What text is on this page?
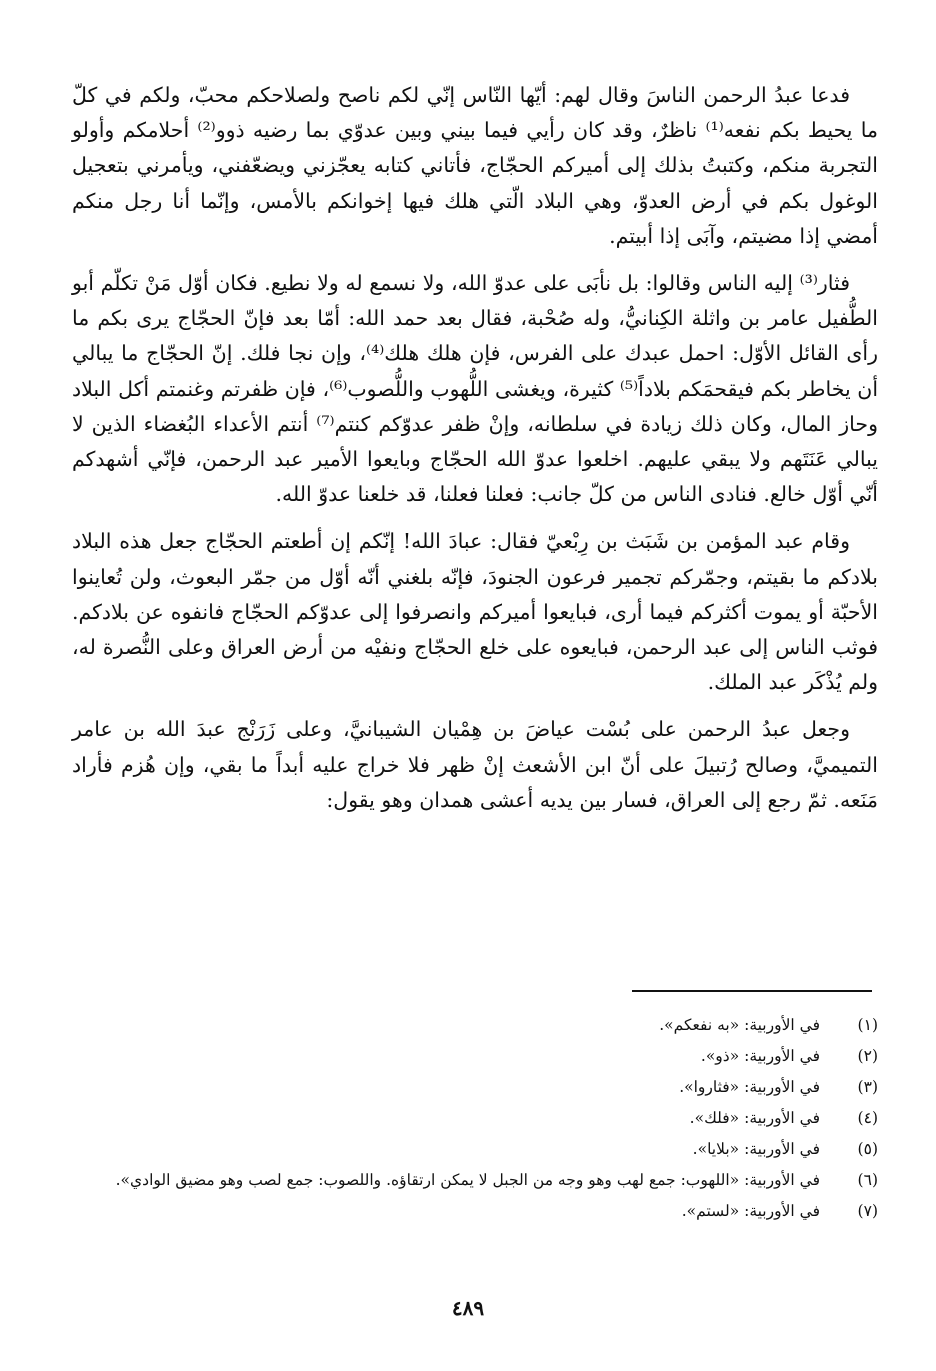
فدعا عبدُ الرحمن الناسَ وقال لهم: أيّها النّاس إنّي لكم ناصح ولصلاحكم محبّ، ولكم في كلّ ما يحيط بكم نفعه⁽¹⁾ ناظرٌ، وقد كان رأيي فيما بيني وبين عدوّي بما رضيه ذوو⁽²⁾ أحلامكم وأولو التجربة منكم، وكتبتُ بذلك إلى أميركم الحجّاج، فأتاني كتابه يعجّزني ويضعّفني، ويأمرني بتعجيل الوغول بكم في أرض العدوّ، وهي البلاد الّتي هلك فيها إخوانكم بالأمس، وإنّما أنا رجل منكم أمضي إذا مضيتم، وآبَى إذا أبيتم.

فثار⁽³⁾ إليه الناس وقالوا: بل نأبَى على عدوّ الله، ولا نسمع له ولا نطيع. فكان أوّل مَنْ تكلّم أبو الطُّفيل عامر بن واثلة الكِنانيُّ، وله صُحْبة، فقال بعد حمد الله: أمّا بعد فإنّ الحجّاج يرى بكم ما رأى القائل الأوّل: احمل عبدك على الفرس، فإن هلك هلك⁽⁴⁾، وإن نجا فلك. إنّ الحجّاج ما يبالي أن يخاطر بكم فيقحمَكم بلاداً⁽⁵⁾ كثيرة، ويغشى اللُّهوب واللُّصوب⁽⁶⁾، فإن ظفرتم وغنمتم أكل البلاد وحاز المال، وكان ذلك زيادة في سلطانه، وإنْ ظفر عدوّكم كنتم⁽⁷⁾ أنتم الأعداء البُغضاء الذين لا يبالي عَنَتَهم ولا يبقي عليهم. اخلعوا عدوّ الله الحجّاج وبايعوا الأمير عبد الرحمن، فإنّي أشهدكم أنّي أوّل خالع. فنادى الناس من كلّ جانب: فعلنا فعلنا، قد خلعنا عدوّ الله.

وقام عبد المؤمن بن شَبَث بن رِبْعيّ فقال: عبادَ الله! إنّكم إن أطعتم الحجّاج جعل هذه البلاد بلادكم ما بقيتم، وجمّركم تجمير فرعون الجنودَ، فإنّه بلغني أنّه أوّل من جمّر البعوث، ولن تُعاينوا الأحبّة أو يموت أكثركم فيما أرى، فبايعوا أميركم وانصرفوا إلى عدوّكم الحجّاج فانفوه عن بلادكم. فوثب الناس إلى عبد الرحمن، فبايعوه على خلع الحجّاج ونفيْه من أرض العراق وعلى النُّصرة له، ولم يُذْكَر عبد الملك.

وجعل عبدُ الرحمن على بُسْت عياضَ بن هِمْيان الشيبانيَّ، وعلى زَرَنْج عبدَ الله بن عامر التميميَّ، وصالح رُتبيلَ على أنّ ابن الأشعث إنْ ظهر فلا خراج عليه أبداً ما بقي، وإن هُزم فأراد مَنَعه. ثمّ رجع إلى العراق، فسار بين يديه أعشى همدان وهو يقول:

(١)
في الأوربية: «به نفعكم».
(٢)
في الأوربية: «ذو».
(٣)
في الأوربية: «فثاروا».
(٤)
في الأوربية: «فلك».
(٥)
في الأوربية: «بلايا».
(٦)
في الأوربية: «اللهوب: جمع لهب وهو وجه من الجبل لا يمكن ارتقاؤه. واللصوب: جمع لصب وهو مضيق الوادي».
(٧)
في الأوربية: «لستم».
٤٨٩
